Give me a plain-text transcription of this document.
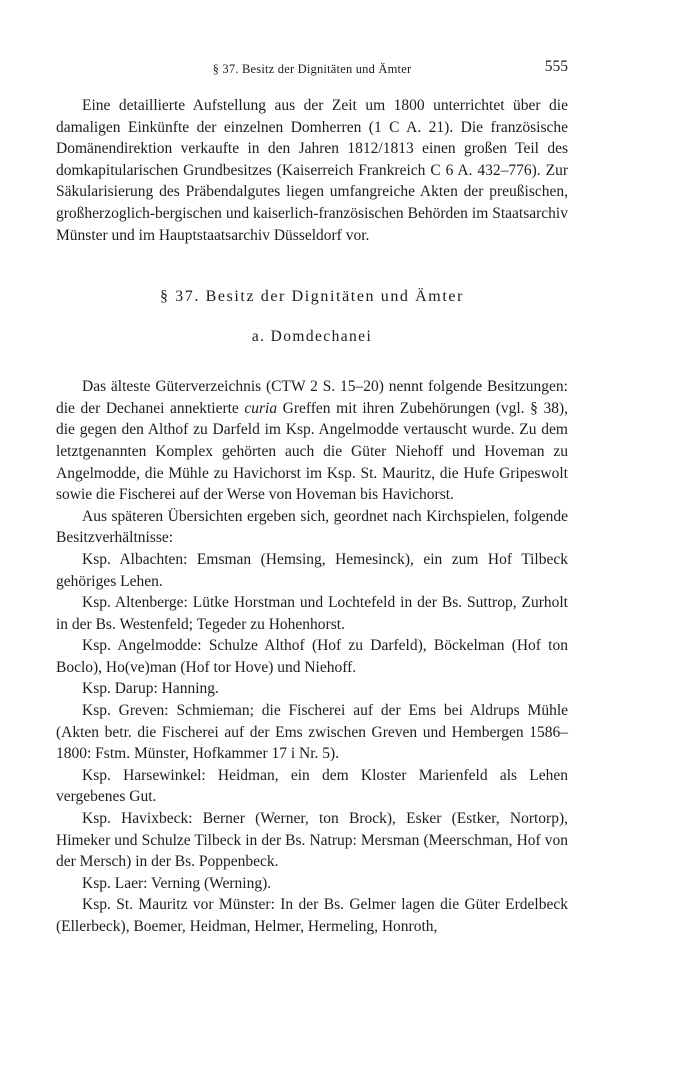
§ 37. Besitz der Dignitäten und Ämter	555

Eine detaillierte Aufstellung aus der Zeit um 1800 unterrichtet über die damaligen Einkünfte der einzelnen Domherren (1 C A. 21). Die französische Domänendirektion verkaufte in den Jahren 1812/1813 einen großen Teil des domkapitularischen Grundbesitzes (Kaiserreich Frankreich C 6 A. 432–776). Zur Säkularisierung des Präbendalgutes liegen umfangreiche Akten der preußischen, großherzoglich-bergischen und kaiserlich-französischen Behörden im Staatsarchiv Münster und im Hauptstaatsarchiv Düsseldorf vor.

§ 37. Besitz der Dignitäten und Ämter
a. Domdechanei

Das älteste Güterverzeichnis (CTW 2 S. 15–20) nennt folgende Besitzungen: die der Dechanei annektierte curia Greffen mit ihren Zubehörungen (vgl. § 38), die gegen den Althof zu Darfeld im Ksp. Angelmodde vertauscht wurde. Zu dem letztgenannten Komplex gehörten auch die Güter Niehoff und Hoveman zu Angelmodde, die Mühle zu Havichorst im Ksp. St. Mauritz, die Hufe Gripeswolt sowie die Fischerei auf der Werse von Hoveman bis Havichorst.

Aus späteren Übersichten ergeben sich, geordnet nach Kirchspielen, folgende Besitzverhältnisse:

Ksp. Albachten: Emsman (Hemsing, Hemesinck), ein zum Hof Tilbeck gehöriges Lehen.

Ksp. Altenberge: Lütke Horstman und Lochtefeld in der Bs. Suttrop, Zurholt in der Bs. Westenfeld; Tegeder zu Hohenhorst.

Ksp. Angelmodde: Schulze Althof (Hof zu Darfeld), Böckelman (Hof ton Boclo), Ho(ve)man (Hof tor Hove) und Niehoff.

Ksp. Darup: Hanning.

Ksp. Greven: Schmieman; die Fischerei auf der Ems bei Aldrups Mühle (Akten betr. die Fischerei auf der Ems zwischen Greven und Hembergen 1586–1800: Fstm. Münster, Hofkammer 17 i Nr. 5).

Ksp. Harsewinkel: Heidman, ein dem Kloster Marienfeld als Lehen vergebenes Gut.

Ksp. Havixbeck: Berner (Werner, ton Brock), Esker (Estker, Nortorp), Himeker und Schulze Tilbeck in der Bs. Natrup: Mersman (Meerschman, Hof von der Mersch) in der Bs. Poppenbeck.

Ksp. Laer: Verning (Werning).

Ksp. St. Mauritz vor Münster: In der Bs. Gelmer lagen die Güter Erdelbeck (Ellerbeck), Boemer, Heidman, Helmer, Hermeling, Honroth,
